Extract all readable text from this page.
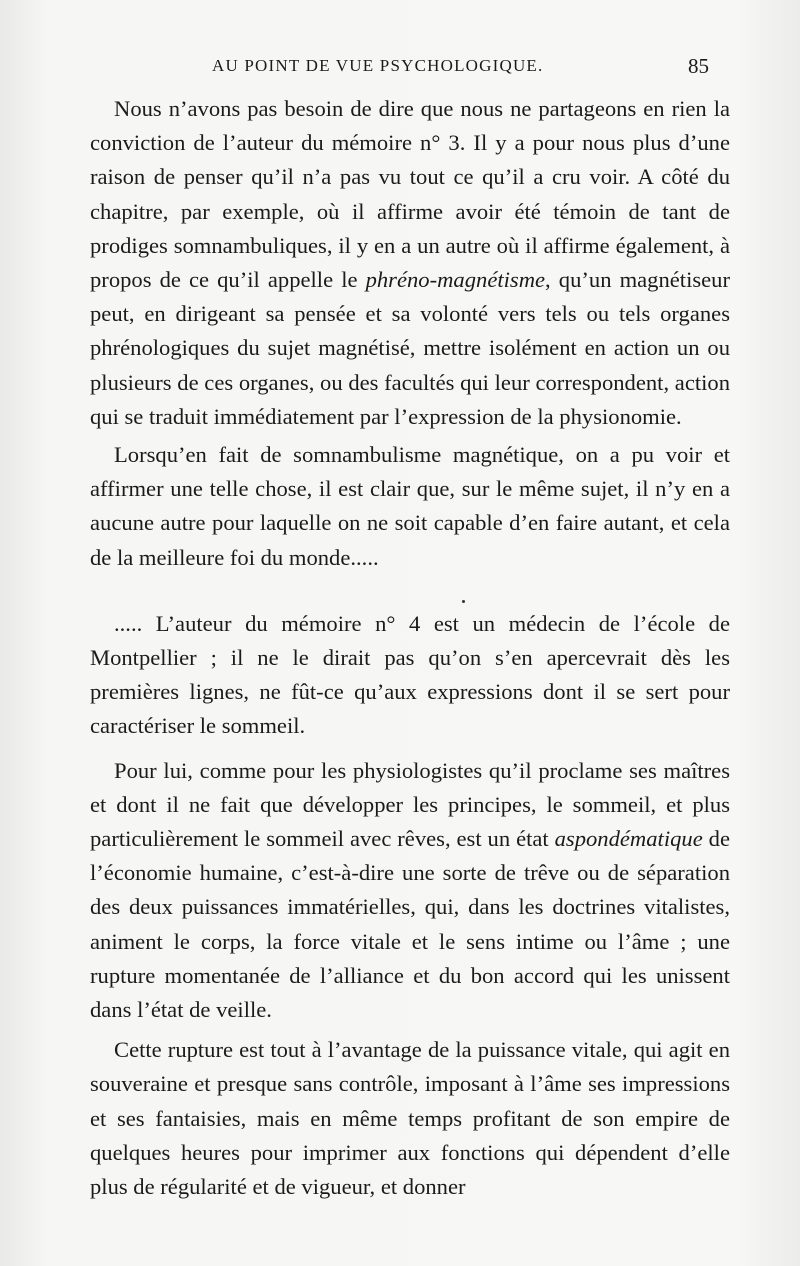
AU POINT DE VUE PSYCHOLOGIQUE.	85

Nous n’avons pas besoin de dire que nous ne partageons en rien la conviction de l’auteur du mémoire n° 3. Il y a pour nous plus d’une raison de penser qu’il n’a pas vu tout ce qu’il a cru voir. A côté du chapitre, par exemple, où il affirme avoir été témoin de tant de prodiges somnambuliques, il y en a un autre où il affirme également, à propos de ce qu’il appelle le phréno-magnétisme, qu’un magnétiseur peut, en dirigeant sa pensée et sa volonté vers tels ou tels organes phrénologiques du sujet magnétisé, mettre isolément en action un ou plusieurs de ces organes, ou des facultés qui leur correspondent, action qui se traduit immédiatement par l’expression de la physionomie.

Lorsqu’en fait de somnambulisme magnétique, on a pu voir et affirmer une telle chose, il est clair que, sur le même sujet, il n’y en a aucune autre pour laquelle on ne soit capable d’en faire autant, et cela de la meilleure foi du monde.....

..... L’auteur du mémoire n° 4 est un médecin de l’école de Montpellier ; il ne le dirait pas qu’on s’en apercevrait dès les premières lignes, ne fût-ce qu’aux expressions dont il se sert pour caractériser le sommeil.

Pour lui, comme pour les physiologistes qu’il proclame ses maîtres et dont il ne fait que développer les principes, le sommeil, et plus particulièrement le sommeil avec rêves, est un état aspondématique de l’économie humaine, c’est-à-dire une sorte de trêve ou de séparation des deux puissances immatérielles, qui, dans les doctrines vitalistes, animent le corps, la force vitale et le sens intime ou l’âme ; une rupture momentanée de l’alliance et du bon accord qui les unissent dans l’état de veille.

Cette rupture est tout à l’avantage de la puissance vitale, qui agit en souveraine et presque sans contrôle, imposant à l’âme ses impressions et ses fantaisies, mais en même temps profitant de son empire de quelques heures pour imprimer aux fonctions qui dépendent d’elle plus de régularité et de vigueur, et donner
